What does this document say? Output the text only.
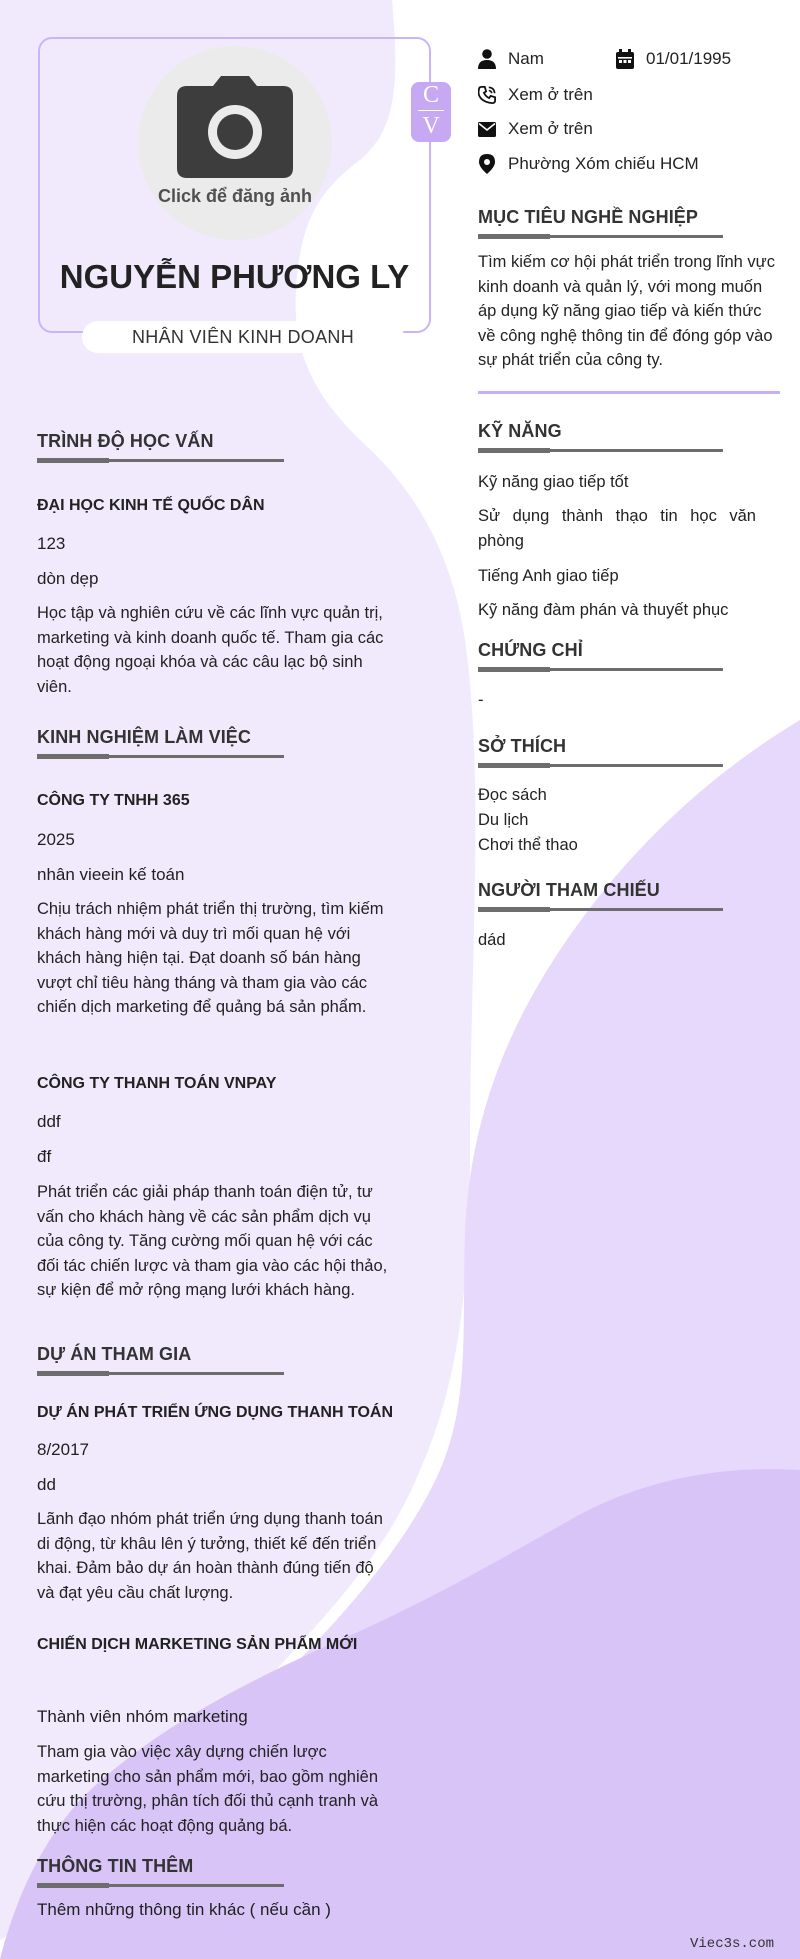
Click để đăng ảnh
C
V
NGUYỄN PHƯƠNG LY
NHÂN VIÊN KINH DOANH
Nam	01/01/1995
Xem ở trên
Xem ở trên
Phường Xóm chiếu HCM
MỤC TIÊU NGHỀ NGHIỆP
Tìm kiếm cơ hội phát triển trong lĩnh vực kinh doanh và quản lý, với mong muốn áp dụng kỹ năng giao tiếp và kiến thức về công nghệ thông tin để đóng góp vào sự phát triển của công ty.
KỸ NĂNG
Kỹ năng giao tiếp tốt
Sử dụng thành thạo tin học văn phòng
Tiếng Anh giao tiếp
Kỹ năng đàm phán và thuyết phục
CHỨNG CHỈ
-
SỞ THÍCH
Đọc sách
Du lịch
Chơi thể thao
NGƯỜI THAM CHIẾU
dád
TRÌNH ĐỘ HỌC VẤN
ĐẠI HỌC KINH TẾ QUỐC DÂN
123
dòn dẹp
Học tập và nghiên cứu về các lĩnh vực quản trị, marketing và kinh doanh quốc tế. Tham gia các hoạt động ngoại khóa và các câu lạc bộ sinh viên.
KINH NGHIỆM LÀM VIỆC
CÔNG TY TNHH 365
2025
nhân vieein kế toán
Chịu trách nhiệm phát triển thị trường, tìm kiếm khách hàng mới và duy trì mối quan hệ với khách hàng hiện tại. Đạt doanh số bán hàng vượt chỉ tiêu hàng tháng và tham gia vào các chiến dịch marketing để quảng bá sản phẩm.
CÔNG TY THANH TOÁN VNPAY
ddf
đf
Phát triển các giải pháp thanh toán điện tử, tư vấn cho khách hàng về các sản phẩm dịch vụ của công ty. Tăng cường mối quan hệ với các đối tác chiến lược và tham gia vào các hội thảo, sự kiện để mở rộng mạng lưới khách hàng.
DỰ ÁN THAM GIA
DỰ ÁN PHÁT TRIỂN ỨNG DỤNG THANH TOÁN
8/2017
dd
Lãnh đạo nhóm phát triển ứng dụng thanh toán di động, từ khâu lên ý tưởng, thiết kế đến triển khai. Đảm bảo dự án hoàn thành đúng tiến độ và đạt yêu cầu chất lượng.
CHIẾN DỊCH MARKETING SẢN PHẨM MỚI
Thành viên nhóm marketing
Tham gia vào việc xây dựng chiến lược marketing cho sản phẩm mới, bao gồm nghiên cứu thị trường, phân tích đối thủ cạnh tranh và thực hiện các hoạt động quảng bá.
THÔNG TIN THÊM
Thêm những thông tin khác ( nếu cần )
Viec3s.com
